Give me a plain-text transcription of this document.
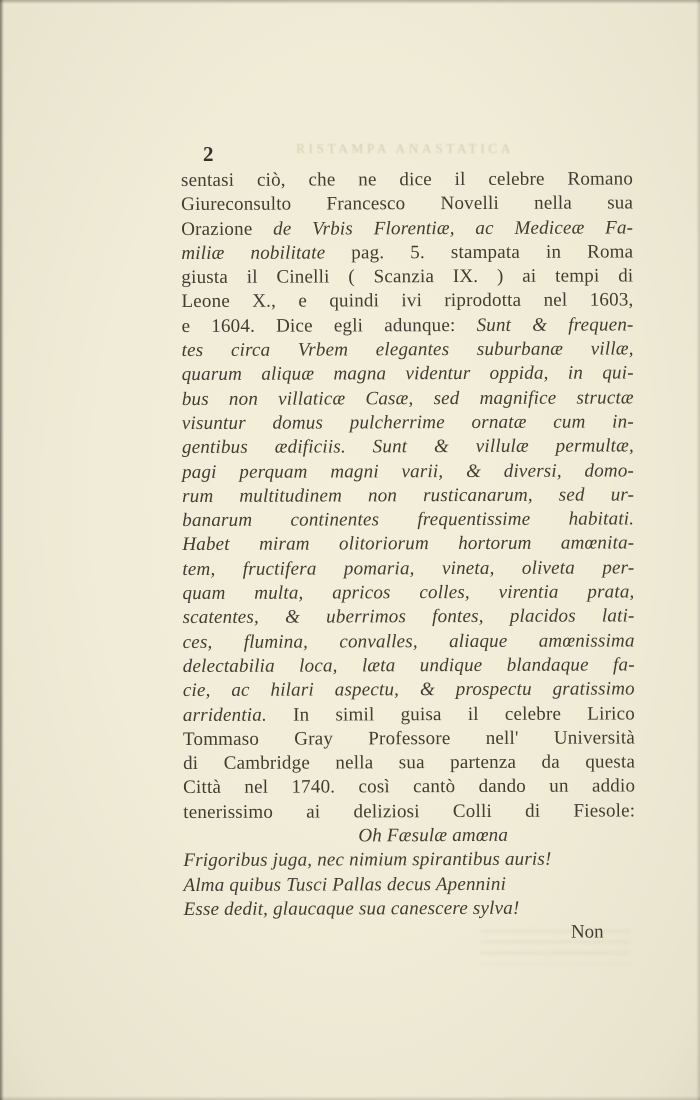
RISTAMPA ANASTATICA
2
sentasi ciò, che ne dice il celebre Romano
Giureconsulto Francesco Novelli nella sua
Orazione de Vrbis Florentiæ, ac Mediceæ Fa-
miliæ nobilitate pag. 5. stampata in Roma
giusta il Cinelli ( Scanzia IX. ) ai tempi di
Leone X., e quindi ivi riprodotta nel 1603,
e 1604. Dice egli adunque: Sunt & frequen-
tes circa Vrbem elegantes suburbanæ villæ,
quarum aliquæ magna videntur oppida, in qui-
bus non villaticæ Casæ, sed magnifice structæ
visuntur domus pulcherrime ornatæ cum in-
gentibus ædificiis. Sunt & villulæ permultæ,
pagi perquam magni varii, & diversi, domo-
rum multitudinem non rusticanarum, sed ur-
banarum continentes frequentissime habitati.
Habet miram olitoriorum hortorum amœnita-
tem, fructifera pomaria, vineta, oliveta per-
quam multa, apricos colles, virentia prata,
scatentes, & uberrimos fontes, placidos lati-
ces, flumina, convalles, aliaque amœnissima
delectabilia loca, læta undique blandaque fa-
cie, ac hilari aspectu, & prospectu gratissimo
arridentia. In simil guisa il celebre Lirico
Tommaso Gray Professore nell' Università
di Cambridge nella sua partenza da questa
Città nel 1740. così cantò dando un addio
tenerissimo ai deliziosi Colli di Fiesole:
Oh Fæsulæ amœna
Frigoribus juga, nec nimium spirantibus auris!
Alma quibus Tusci Pallas decus Apennini
Esse dedit, glaucaque sua canescere sylva!
Non
